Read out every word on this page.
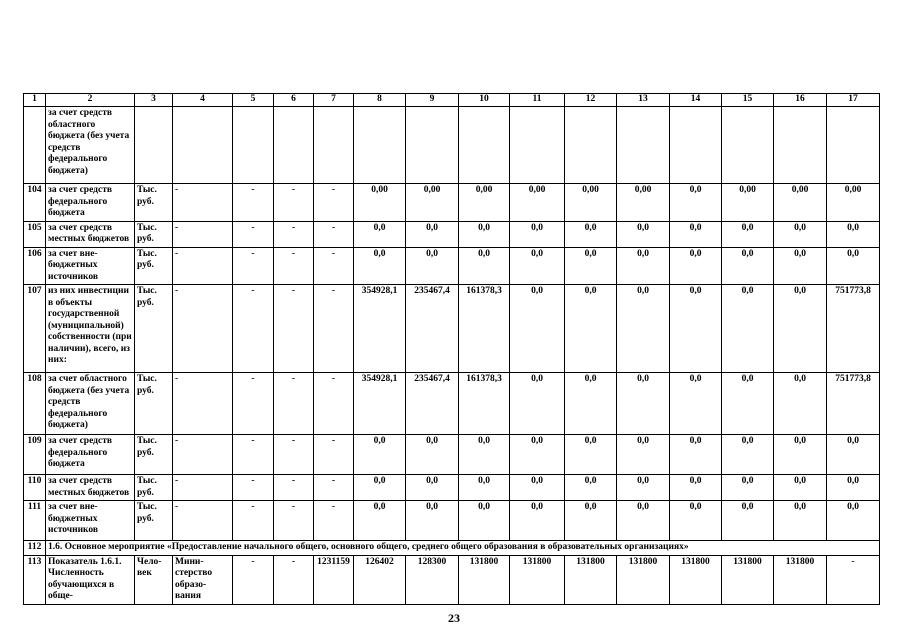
1	2	3	4	5	6	7	8	9	10	11	12	13	14	15	16	17
	за счет средств областного бюджета (без учета средств федерального бюджета)															
104	за счет средств федерального бюджета	Тыс. руб.	-	-	-	-	0,00	0,00	0,00	0,00	0,00	0,00	0,0	0,00	0,00	0,00
105	за счет средств местных бюджетов	Тыс. руб.	-	-	-	-	0,0	0,0	0,0	0,0	0,0	0,0	0,0	0,0	0,0	0,0
106	за счет вне-бюджетных источников	Тыс. руб.	-	-	-	-	0,0	0,0	0,0	0,0	0,0	0,0	0,0	0,0	0,0	0,0
107	из них инвестиции в объекты государственной (муниципальной) собственности (при наличии), всего, из них:	Тыс. руб.	-	-	-	-	354928,1	235467,4	161378,3	0,0	0,0	0,0	0,0	0,0	0,0	751773,8
108	за счет областного бюджета (без учета средств федерального бюджета)	Тыс. руб.	-	-	-	-	354928,1	235467,4	161378,3	0,0	0,0	0,0	0,0	0,0	0,0	751773,8
109	за счет средств федерального бюджета	Тыс. руб.	-	-	-	-	0,0	0,0	0,0	0,0	0,0	0,0	0,0	0,0	0,0	0,0
110	за счет средств местных бюджетов	Тыс. руб.	-	-	-	-	0,0	0,0	0,0	0,0	0,0	0,0	0,0	0,0	0,0	0,0
111	за счет вне-бюджетных источников	Тыс. руб.	-	-	-	-	0,0	0,0	0,0	0,0	0,0	0,0	0,0	0,0	0,0	0,0
112	1.6. Основное мероприятие «Предоставление начального общего, основного общего, среднего общего образования в образовательных организациях»															
113	Показатель 1.6.1. Численность обучающихся в обще-	Чело-век	Мини-стерство образо-вания	-	-	1231159	126402	128300	131800	131800	131800	131800	131800	131800	131800	-
23
